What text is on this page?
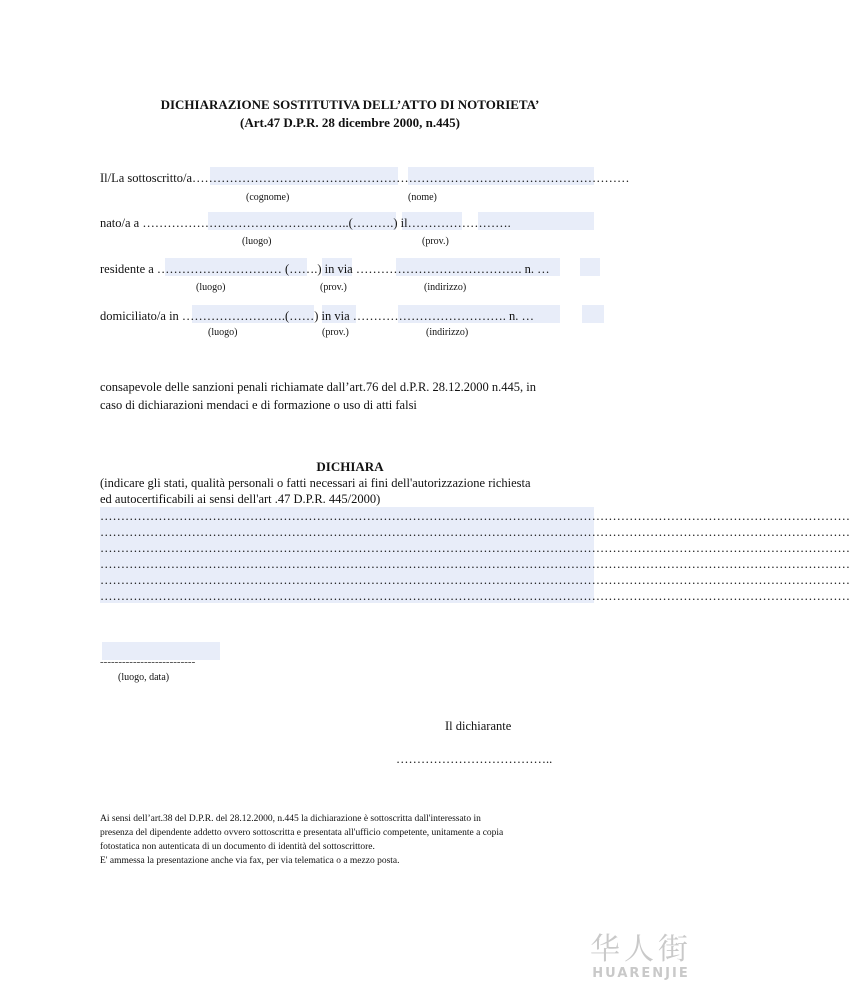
DICHIARAZIONE SOSTITUTIVA DELL’ATTO DI NOTORIETA’
(Art.47 D.P.R. 28 dicembre 2000, n.445)
Il/La sottoscritto/a……………………………………………………………………………………………
(cognome)	(nome)
nato/a a …………………………………………..(……….) il…………………….
(luogo)	(prov.)
residente a ………………………… (…….) in via …………………………………. n. …
(luogo)	(prov.)	(indirizzo)
domiciliato/a in …………………….(……) in via ………………………………. n. …
(luogo)	(prov.)	(indirizzo)
consapevole delle sanzioni penali richiamate dall’art.76 del d.P.R. 28.12.2000 n.445, in
caso di dichiarazioni mendaci e di formazione o uso di atti falsi
DICHIARA
(indicare gli stati, qualità personali o fatti necessari ai fini dell'autorizzazione richiesta
ed autocertificabili ai sensi dell'art .47 D.P.R. 445/2000)
………………………………………………………………………………………………………………………………………………………………
………………………………………………………………………………………………………………………………………………………………
………………………………………………………………………………………………………………………………………………………………
………………………………………………………………………………………………………………………………………………………………
………………………………………………………………………………………………………………………………………………………………
………………………………………………………………………………………………………………………………………………………………
--------------------------
(luogo, data)
Il dichiarante
………………………………..
Ai sensi dell’art.38 del D.P.R. del 28.12.2000, n.445 la dichiarazione è sottoscritta dall'interessato in
presenza del dipendente addetto ovvero sottoscritta e presentata all'ufficio competente, unitamente a copia
fotostatica non autenticata di un documento di identità del sottoscrittore.
E' ammessa la presentazione anche via fax, per via telematica o a mezzo posta.
华人街
HUARENJIE
